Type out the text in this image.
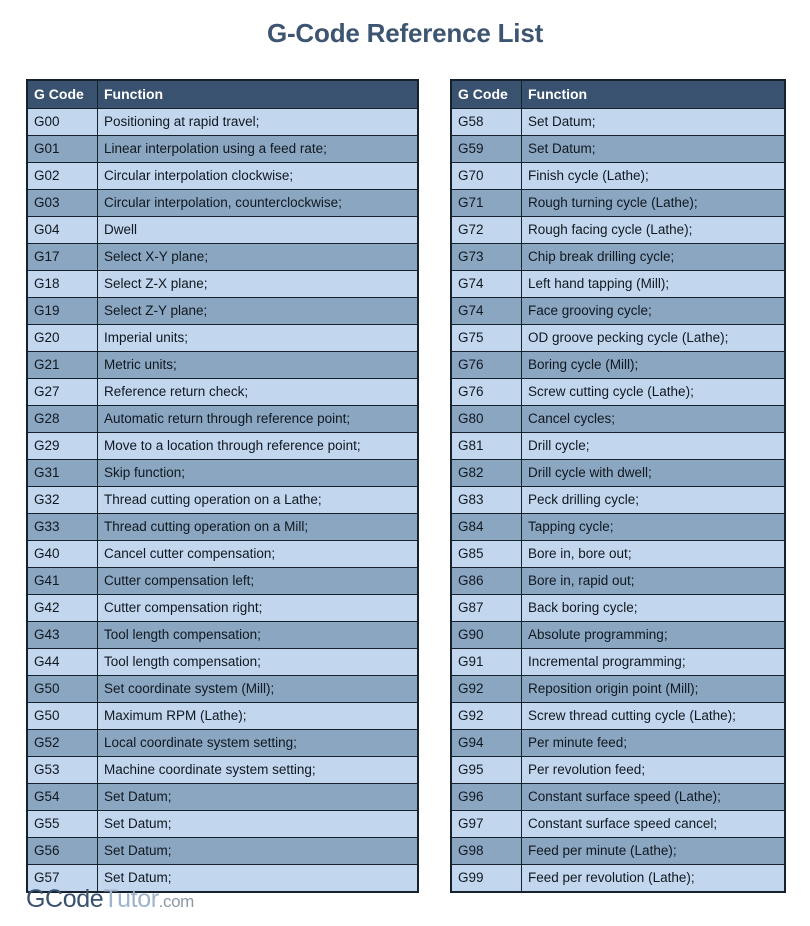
G-Code Reference List
G Code	Function
G00	Positioning at rapid travel;
G01	Linear interpolation using a feed rate;
G02	Circular interpolation clockwise;
G03	Circular interpolation, counterclockwise;
G04	Dwell
G17	Select X-Y plane;
G18	Select Z-X plane;
G19	Select Z-Y plane;
G20	Imperial units;
G21	Metric units;
G27	Reference return check;
G28	Automatic return through reference point;
G29	Move to a location through reference point;
G31	Skip function;
G32	Thread cutting operation on a Lathe;
G33	Thread cutting operation on a Mill;
G40	Cancel cutter compensation;
G41	Cutter compensation left;
G42	Cutter compensation right;
G43	Tool length compensation;
G44	Tool length compensation;
G50	Set coordinate system (Mill);
G50	Maximum RPM (Lathe);
G52	Local coordinate system setting;
G53	Machine coordinate system setting;
G54	Set Datum;
G55	Set Datum;
G56	Set Datum;
G57	Set Datum;
G Code	Function
G58	Set Datum;
G59	Set Datum;
G70	Finish cycle (Lathe);
G71	Rough turning cycle (Lathe);
G72	Rough facing cycle (Lathe);
G73	Chip break drilling cycle;
G74	Left hand tapping (Mill);
G74	Face grooving cycle;
G75	OD groove pecking cycle (Lathe);
G76	Boring cycle (Mill);
G76	Screw cutting cycle (Lathe);
G80	Cancel cycles;
G81	Drill cycle;
G82	Drill cycle with dwell;
G83	Peck drilling cycle;
G84	Tapping cycle;
G85	Bore in, bore out;
G86	Bore in, rapid out;
G87	Back boring cycle;
G90	Absolute programming;
G91	Incremental programming;
G92	Reposition origin point (Mill);
G92	Screw thread cutting cycle (Lathe);
G94	Per minute feed;
G95	Per revolution feed;
G96	Constant surface speed (Lathe);
G97	Constant surface speed cancel;
G98	Feed per minute (Lathe);
G99	Feed per revolution (Lathe);
GCodeTutor.com
